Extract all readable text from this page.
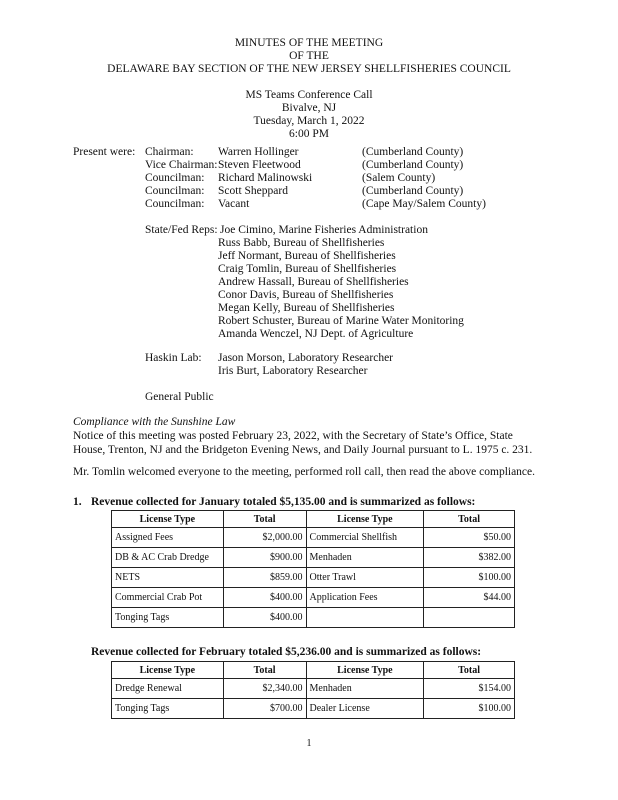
MINUTES OF THE MEETING
OF THE
DELAWARE BAY SECTION OF THE NEW JERSEY SHELLFISHERIES COUNCIL
MS Teams Conference Call
Bivalve, NJ
Tuesday, March 1, 2022
6:00 PM
Present were: Chairman:	Warren Hollinger	(Cumberland County)
Vice Chairman: Steven Fleetwood	(Cumberland County)
Councilman:	Richard Malinowski	(Salem County)
Councilman:	Scott Sheppard	(Cumberland County)
Councilman:	Vacant	(Cape May/Salem County)
State/Fed Reps: Joe Cimino, Marine Fisheries Administration
Russ Babb, Bureau of Shellfisheries
Jeff Normant, Bureau of Shellfisheries
Craig Tomlin, Bureau of Shellfisheries
Andrew Hassall, Bureau of Shellfisheries
Conor Davis, Bureau of Shellfisheries
Megan Kelly, Bureau of Shellfisheries
Robert Schuster, Bureau of Marine Water Monitoring
Amanda Wenczel, NJ Dept. of Agriculture
Haskin Lab: Jason Morson, Laboratory Researcher
Iris Burt, Laboratory Researcher
General Public
Compliance with the Sunshine Law
Notice of this meeting was posted February 23, 2022, with the Secretary of State’s Office, State House, Trenton, NJ and the Bridgeton Evening News, and Daily Journal pursuant to L. 1975 c. 231.
Mr. Tomlin welcomed everyone to the meeting, performed roll call, then read the above compliance.
1. Revenue collected for January totaled $5,135.00 and is summarized as follows:
License Type	Total	License Type	Total
Assigned Fees	$2,000.00	Commercial Shellfish	$50.00
DB & AC Crab Dredge	$900.00	Menhaden	$382.00
NETS	$859.00	Otter Trawl	$100.00
Commercial Crab Pot	$400.00	Application Fees	$44.00
Tonging Tags	$400.00		
Revenue collected for February totaled $5,236.00 and is summarized as follows:
License Type	Total	License Type	Total
Dredge Renewal	$2,340.00	Menhaden	$154.00
Tonging Tags	$700.00	Dealer License	$100.00
1
